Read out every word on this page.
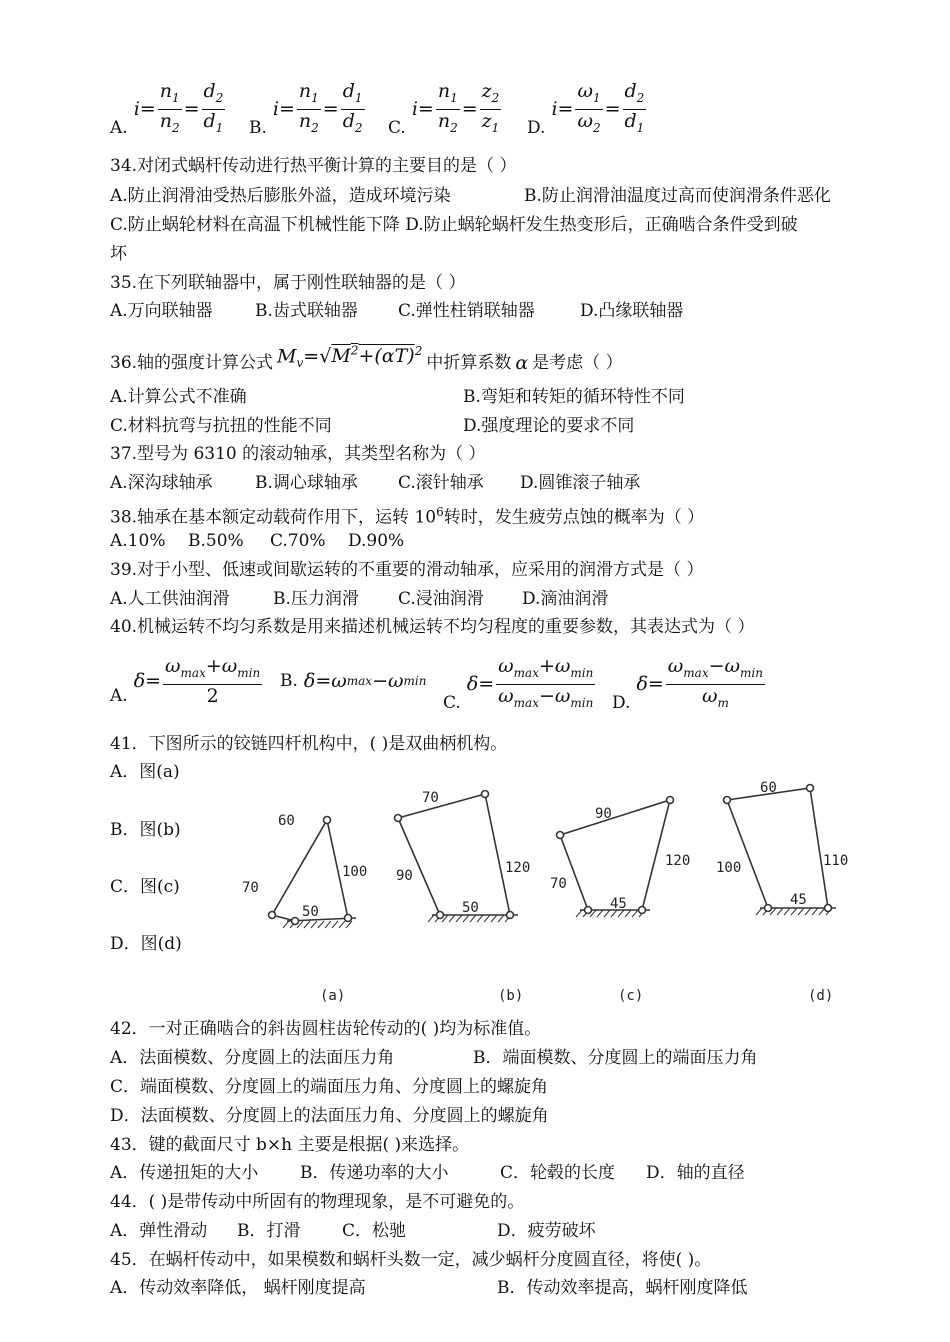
A.
$i= \frac{n_1}{n_2} = \frac{d_2}{d_1} B$.
$i= \frac{n_1}{n_2} = \frac{d_1}{d_2} C$.
$i= \frac{n_1}{n_2} = \frac{z_2}{z_1} D$.
$i= \frac{\omega_1}{\omega_2} = \frac{d_2}{d_1}$
34.对闭式蜗杆传动进行热平衡计算的主要目的是（ ）
A.防止润滑油受热后膨胀外溢，造成环境污染	B.防止润滑油温度过高而使润滑条件恶化
C.防止蜗轮材料在高温下机械性能下降 D.防止蜗轮蜗杆发生热变形后，正确啮合条件受到破
坏
35.在下列联轴器中，属于刚性联轴器的是（ ）
A.万向联轴器 B.齿式联轴器 C.弹性柱销联轴器	D.凸缘联轴器
36.轴的强度计算公式 $M_v=√M^2+(\alpha T)^2$
中折算系数 α 是考虑（ ）
A.计算公式不准确	B.弯矩和转矩的循环特性不同
C.材料抗弯与抗扭的性能不同	D.强度理论的要求不同
37.型号为 6310 的滚动轴承，其类型名称为（ ）
A.深沟球轴承 B.调心球轴承 C.滚针轴承 D.圆锥滚子轴承
38.轴承在基本额定动载荷作用下，运转 $10^6$转时，发生疲劳点蚀的概率为（ ）
A.10% B.50% C.70% D.90%
39.对于小型、低速或间歇运转的不重要的滑动轴承，应采用的润滑方式是（ ）
A.人工供油润滑	B.压力润滑 C.浸油润滑 D.滴油润滑
40.机械运转不均匀系数是用来描述机械运转不均匀程度的重要参数，其表达式为（ ）
A.
$\delta= \frac{\omega_{max}+\omega_{min}}{2} B$. δ=ω max −ω min
C.
$\delta= \frac{\omega_{max}+\omega_{min}}{\omega_{max}-\omega_{min}} D$.
$\delta= \frac{\omega_{max}-\omega_{min}}{\omega_m}$
41．下图所示的铰链四杆机构中，( )是双曲柄机构。
A．图(a)
B．图(b)
C．图(c)
D．图(d)
60
70
100
50
(a)
70
90	120
50
(b)
90
70
120
45
(c)
60
100	110
45
(d)
42．一对正确啮合的斜齿圆柱齿轮传动的( )均为标准值。
A．法面模数、分度圆上的法面压力角	B．端面模数、分度圆上的端面压力角
C．端面模数、分度圆上的端面压力角、分度圆上的螺旋角
D．法面模数、分度圆上的法面压力角、分度圆上的螺旋角
43．键的截面尺寸 b×h 主要是根据( )来选择。
A．传递扭矩的大小 B．传递功率的大小	C．轮毂的长度 D．轴的直径
44．( )是带传动中所固有的物理现象，是不可避免的。
A．弹性滑动 B．打滑 C．松驰	D．疲劳破坏
45．在蜗杆传动中，如果模数和蜗杆头数一定，减少蜗杆分度圆直径，将使( )。
A．传动效率降低， 蜗杆刚度提高	B．传动效率提高，蜗杆刚度降低
